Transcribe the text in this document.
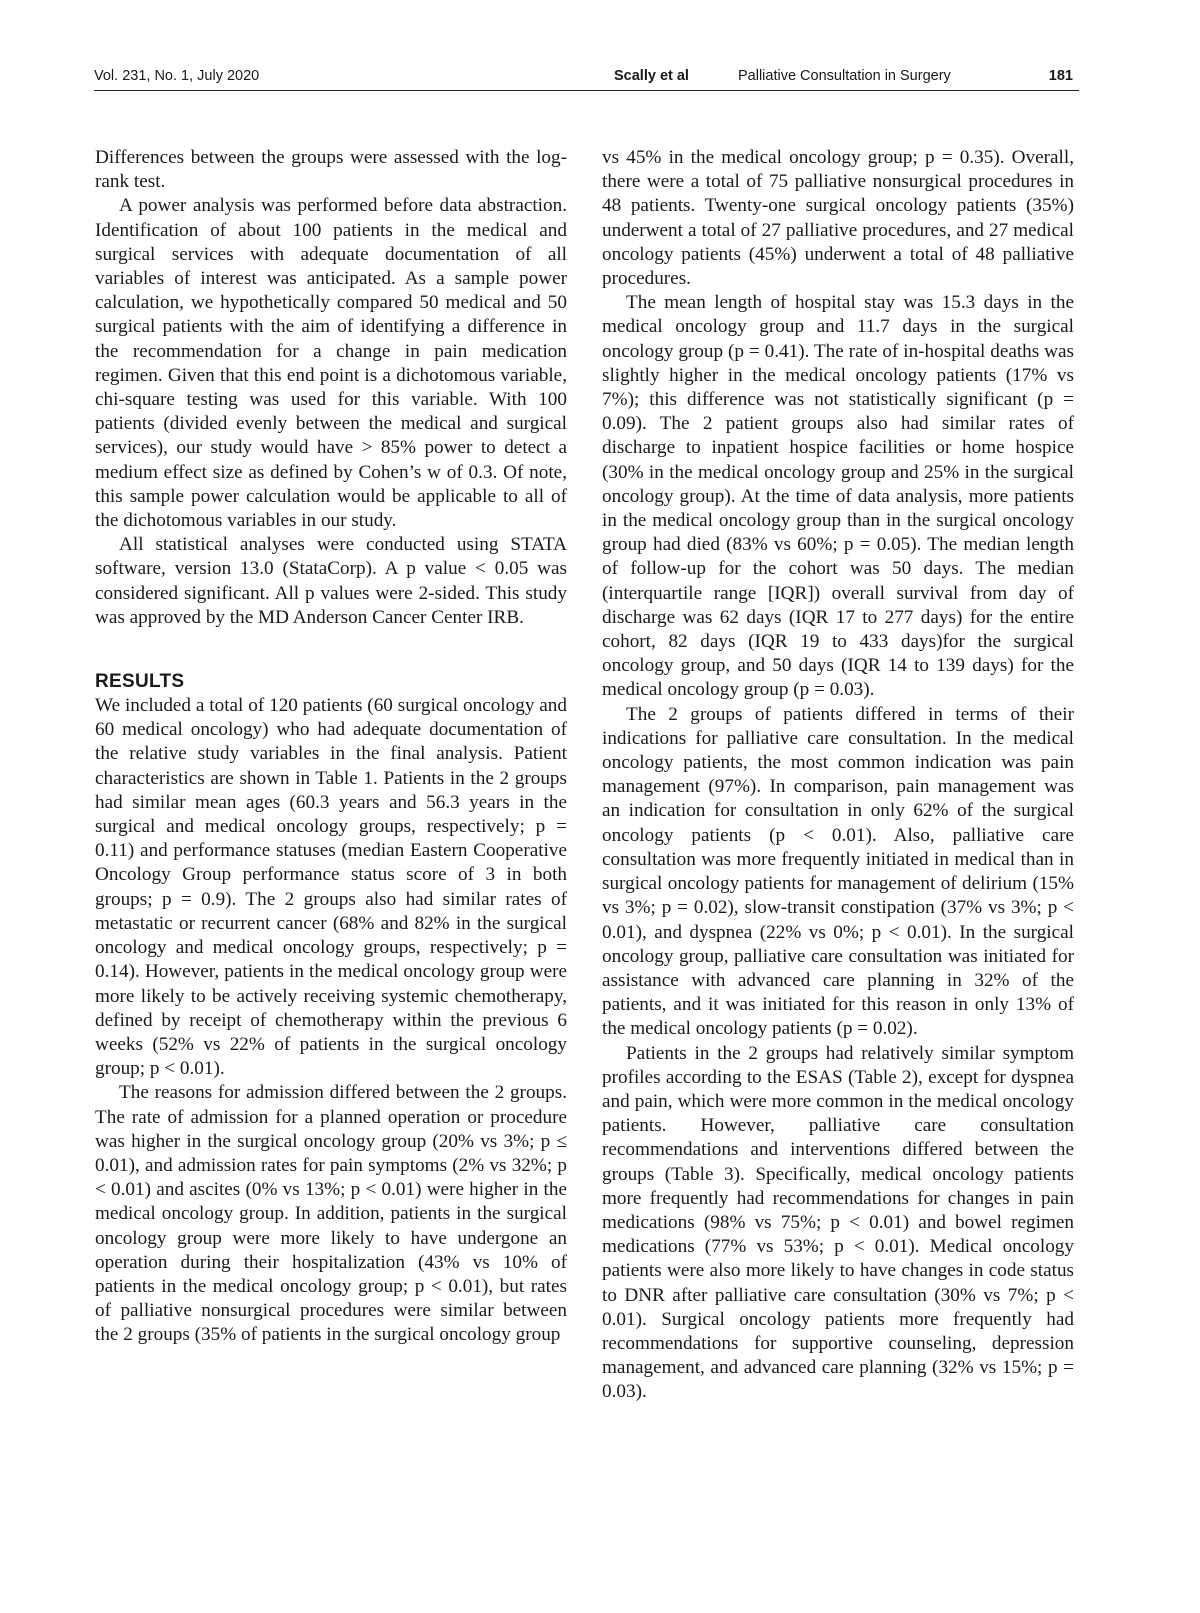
Vol. 231, No. 1, July 2020	Scally et al	Palliative Consultation in Surgery	181

Differences between the groups were assessed with the log-rank test.

A power analysis was performed before data abstraction. Identification of about 100 patients in the medical and surgical services with adequate documentation of all variables of interest was anticipated. As a sample power calculation, we hypothetically compared 50 medical and 50 surgical patients with the aim of identifying a difference in the recommendation for a change in pain medication regimen. Given that this end point is a dichotomous variable, chi-square testing was used for this variable. With 100 patients (divided evenly between the medical and surgical services), our study would have > 85% power to detect a medium effect size as defined by Cohen’s w of 0.3. Of note, this sample power calculation would be applicable to all of the dichotomous variables in our study.

All statistical analyses were conducted using STATA software, version 13.0 (StataCorp). A p value < 0.05 was considered significant. All p values were 2-sided. This study was approved by the MD Anderson Cancer Center IRB.

RESULTS

We included a total of 120 patients (60 surgical oncology and 60 medical oncology) who had adequate documentation of the relative study variables in the final analysis. Patient characteristics are shown in Table 1. Patients in the 2 groups had similar mean ages (60.3 years and 56.3 years in the surgical and medical oncology groups, respectively; p = 0.11) and performance statuses (median Eastern Cooperative Oncology Group performance status score of 3 in both groups; p = 0.9). The 2 groups also had similar rates of metastatic or recurrent cancer (68% and 82% in the surgical oncology and medical oncology groups, respectively; p = 0.14). However, patients in the medical oncology group were more likely to be actively receiving systemic chemotherapy, defined by receipt of chemotherapy within the previous 6 weeks (52% vs 22% of patients in the surgical oncology group; p < 0.01).

The reasons for admission differed between the 2 groups. The rate of admission for a planned operation or procedure was higher in the surgical oncology group (20% vs 3%; p ≤ 0.01), and admission rates for pain symptoms (2% vs 32%; p < 0.01) and ascites (0% vs 13%; p < 0.01) were higher in the medical oncology group. In addition, patients in the surgical oncology group were more likely to have undergone an operation during their hospitalization (43% vs 10% of patients in the medical oncology group; p < 0.01), but rates of palliative nonsurgical procedures were similar between the 2 groups (35% of patients in the surgical oncology group

vs 45% in the medical oncology group; p = 0.35). Overall, there were a total of 75 palliative nonsurgical procedures in 48 patients. Twenty-one surgical oncology patients (35%) underwent a total of 27 palliative procedures, and 27 medical oncology patients (45%) underwent a total of 48 palliative procedures.

The mean length of hospital stay was 15.3 days in the medical oncology group and 11.7 days in the surgical oncology group (p = 0.41). The rate of in-hospital deaths was slightly higher in the medical oncology patients (17% vs 7%); this difference was not statistically significant (p = 0.09). The 2 patient groups also had similar rates of discharge to inpatient hospice facilities or home hospice (30% in the medical oncology group and 25% in the surgical oncology group). At the time of data analysis, more patients in the medical oncology group than in the surgical oncology group had died (83% vs 60%; p = 0.05). The median length of follow-up for the cohort was 50 days. The median (interquartile range [IQR]) overall survival from day of discharge was 62 days (IQR 17 to 277 days) for the entire cohort, 82 days (IQR 19 to 433 days)for the surgical oncology group, and 50 days (IQR 14 to 139 days) for the medical oncology group (p = 0.03).

The 2 groups of patients differed in terms of their indications for palliative care consultation. In the medical oncology patients, the most common indication was pain management (97%). In comparison, pain management was an indication for consultation in only 62% of the surgical oncology patients (p < 0.01). Also, palliative care consultation was more frequently initiated in medical than in surgical oncology patients for management of delirium (15% vs 3%; p = 0.02), slow-transit constipation (37% vs 3%; p < 0.01), and dyspnea (22% vs 0%; p < 0.01). In the surgical oncology group, palliative care consultation was initiated for assistance with advanced care planning in 32% of the patients, and it was initiated for this reason in only 13% of the medical oncology patients (p = 0.02).

Patients in the 2 groups had relatively similar symptom profiles according to the ESAS (Table 2), except for dyspnea and pain, which were more common in the medical oncology patients. However, palliative care consultation recommendations and interventions differed between the groups (Table 3). Specifically, medical oncology patients more frequently had recommendations for changes in pain medications (98% vs 75%; p < 0.01) and bowel regimen medications (77% vs 53%; p < 0.01). Medical oncology patients were also more likely to have changes in code status to DNR after palliative care consultation (30% vs 7%; p < 0.01). Surgical oncology patients more frequently had recommendations for supportive counseling, depression management, and advanced care planning (32% vs 15%; p = 0.03).
